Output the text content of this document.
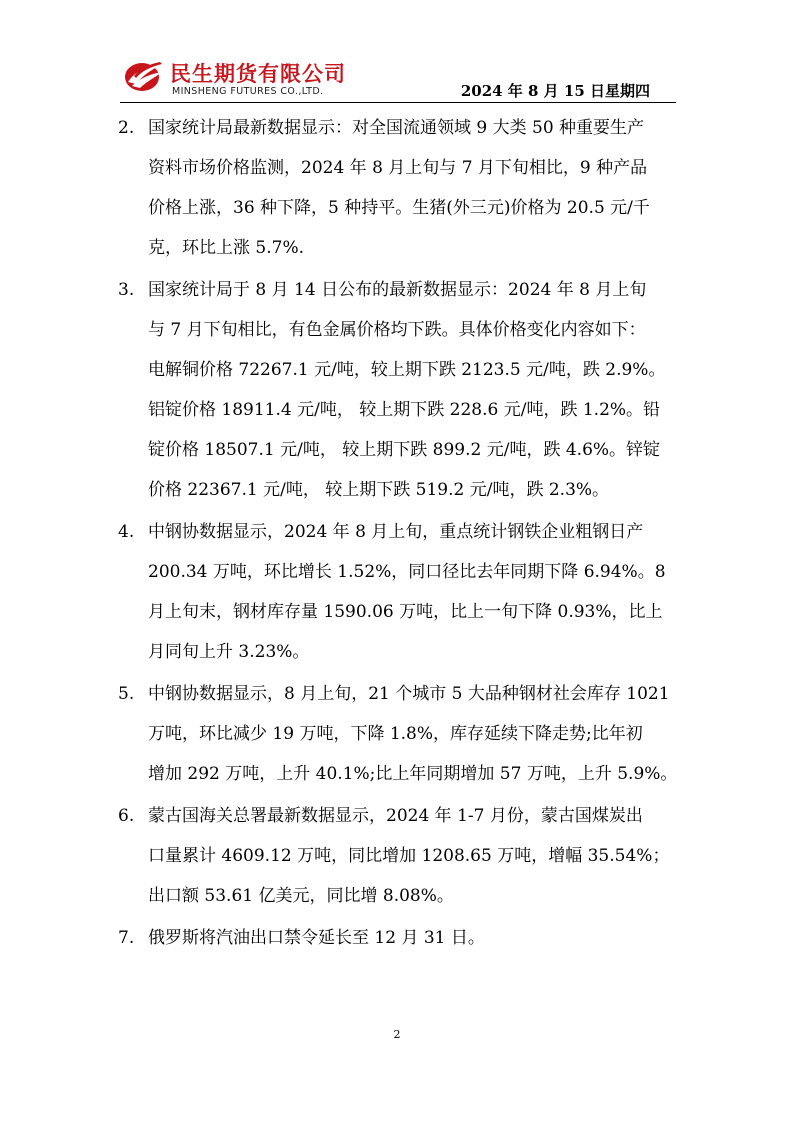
民生期货有限公司
MINSHENG FUTURES CO.,LTD.	2024 年 8 月 15 日星期四
2. 国家统计局最新数据显示：对全国流通领域 9 大类 50 种重要生产
资料市场价格监测，2024 年 8 月上旬与 7 月下旬相比，9 种产品
价格上涨，36 种下降，5 种持平。生猪(外三元)价格为 20.5 元/千
克，环比上涨 5.7%.
3. 国家统计局于 8 月 14 日公布的最新数据显示：2024 年 8 月上旬
与 7 月下旬相比，有色金属价格均下跌。具体价格变化内容如下：
电解铜价格 72267.1 元/吨，较上期下跌 2123.5 元/吨，跌 2.9%。
铝锭价格 18911.4 元/吨， 较上期下跌 228.6 元/吨，跌 1.2%。铅
锭价格 18507.1 元/吨， 较上期下跌 899.2 元/吨，跌 4.6%。锌锭
价格 22367.1 元/吨， 较上期下跌 519.2 元/吨，跌 2.3%。
4. 中钢协数据显示，2024 年 8 月上旬，重点统计钢铁企业粗钢日产
200.34 万吨，环比增长 1.52%，同口径比去年同期下降 6.94%。8
月上旬末，钢材库存量 1590.06 万吨，比上一旬下降 0.93%，比上
月同旬上升 3.23%。
5. 中钢协数据显示，8 月上旬，21 个城市 5 大品种钢材社会库存 1021
万吨，环比减少 19 万吨，下降 1.8%，库存延续下降走势;比年初
增加 292 万吨，上升 40.1%;比上年同期增加 57 万吨，上升 5.9%。
6. 蒙古国海关总署最新数据显示，2024 年 1-7 月份，蒙古国煤炭出
口量累计 4609.12 万吨，同比增加 1208.65 万吨，增幅 35.54%；
出口额 53.61 亿美元，同比增 8.08%。
7. 俄罗斯将汽油出口禁令延长至 12 月 31 日。
2
